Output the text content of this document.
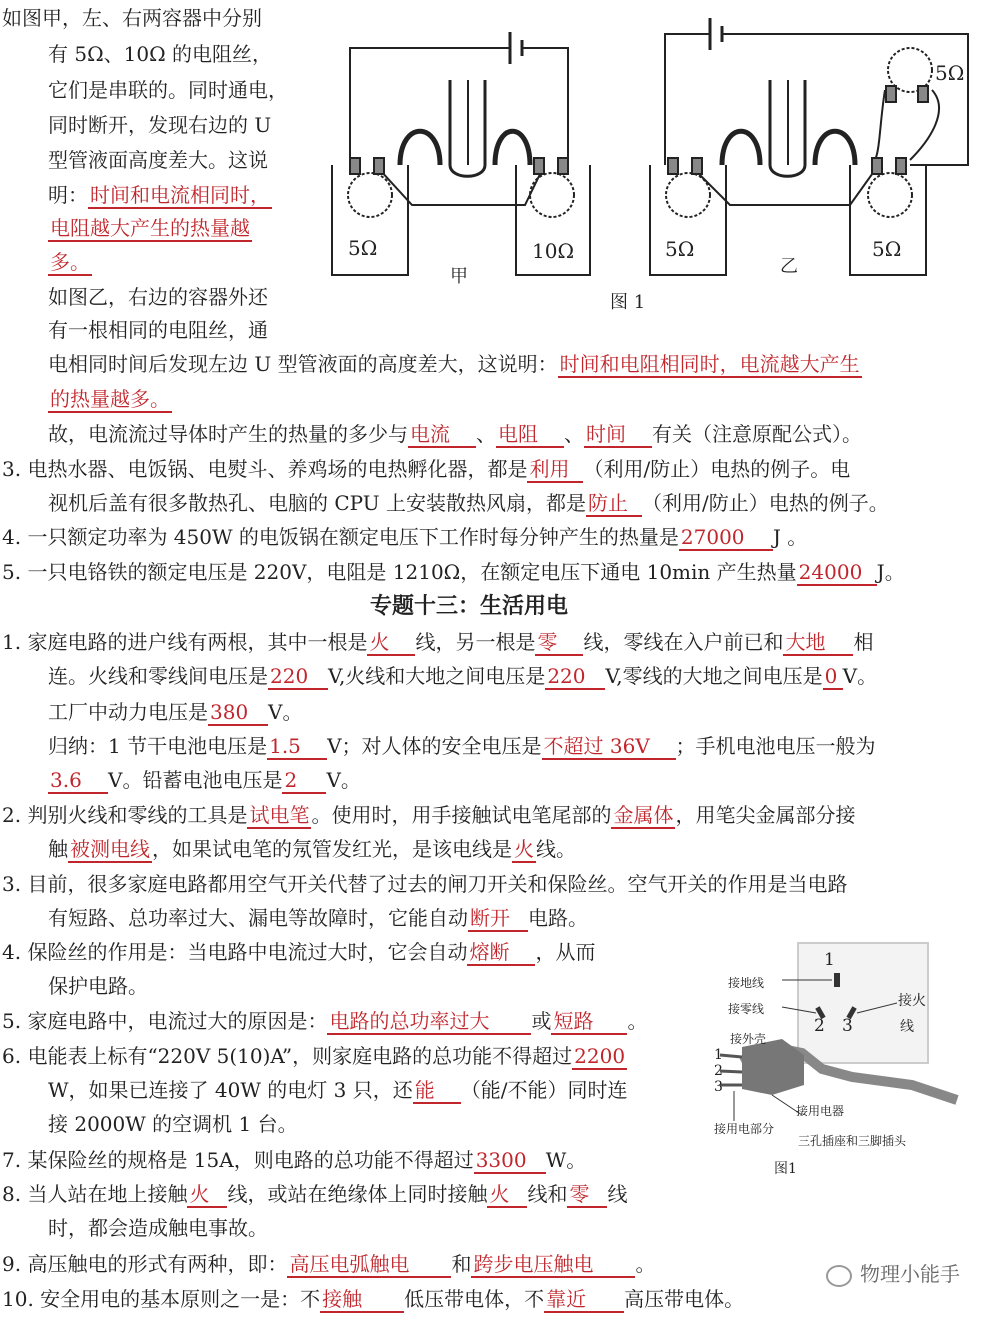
如图甲，左、右两容器中分别
有 5Ω、10Ω 的电阻丝，
它们是串联的。同时通电，
同时断开，发现右边的 U
型管液面高度差大。这说
明： 时间和电流相同时，
电阻越大产生的热量越
多。
如图乙，右边的容器外还
有一根相同的电阻丝，通
电相同时间后发现左边 U 型管液面的高度差大，这说明： 时间和电阻相同时，电流越大产生
的热量越多。
故，电流流过导体时产生的热量的多少与 电流 、 电阻 、 时间 有关（注意原配公式）。
5Ω	10Ω
甲
5Ω	5Ω
5Ω
乙
图 1
3. 电热水器、电饭锅、电熨斗、养鸡场的电热孵化器，都是 利用 （利用/防止）电热的例子。电
视机后盖有很多散热孔、电脑的 CPU 上安装散热风扇，都是 防止 （利用/防止）电热的例子。
4. 一只额定功率为 450W 的电饭锅在额定电压下工作时每分钟产生的热量是 27000 J 。
5. 一只电铬铁的额定电压是 220V，电阻是 1210Ω，在额定电压下通电 10min 产生热量 24000 J。
专题十三：生活用电
1. 家庭电路的进户线有两根，其中一根是 火 线，另一根是 零 线，零线在入户前已和 大地 相
连。火线和零线间电压是 220 V,火线和大地之间电压是 220 V,零线的大地之间电压是 0 V。
工厂中动力电压是 380 V。
归纳：1 节干电池电压是 1.5 V；对人体的安全电压是 不超过 36V ；手机电池电压一般为
3.6 V。铅蓄电池电压是 2 V。
2. 判别火线和零线的工具是 试电笔 。使用时，用手接触试电笔尾部的 金属体 ，用笔尖金属部分接
触 被测电线 ，如果试电笔的氖管发红光，是该电线是 火 线。
3. 目前，很多家庭电路都用空气开关代替了过去的闸刀开关和保险丝。空气开关的作用是当电路
有短路、总功率过大、漏电等故障时，它能自动 断开 电路。
4. 保险丝的作用是：当电路中电流过大时，它会自动 熔断 ，从而
保护电路。
5. 家庭电路中，电流过大的原因是： 电路的总功率过大 或 短路 。
6. 电能表上标有“220V 5(10)A”，则家庭电路的总功能不得超过 2200
W，如果已连接了 40W 的电灯 3 只，还 能 （能/不能）同时连
接 2000W 的空调机 1 台。
7. 某保险丝的规格是 15A，则电路的总功能不得超过 3300 W。
8. 当人站在地上接触 火 线，或站在绝缘体上同时接触 火 线和 零 线
时，都会造成触电事故。
9. 高压触电的形式有两种，即： 高压电弧触电 和 跨步电压触电 。
10. 安全用电的基本原则之一是：不 接触 低压带电体，不 靠近 高压带电体。
1
2 3
接地线
接零线	接火
线
接外壳
1
2
3
接用电器
接用电部分
三孔插座和三脚插头
图1
物理小能手
